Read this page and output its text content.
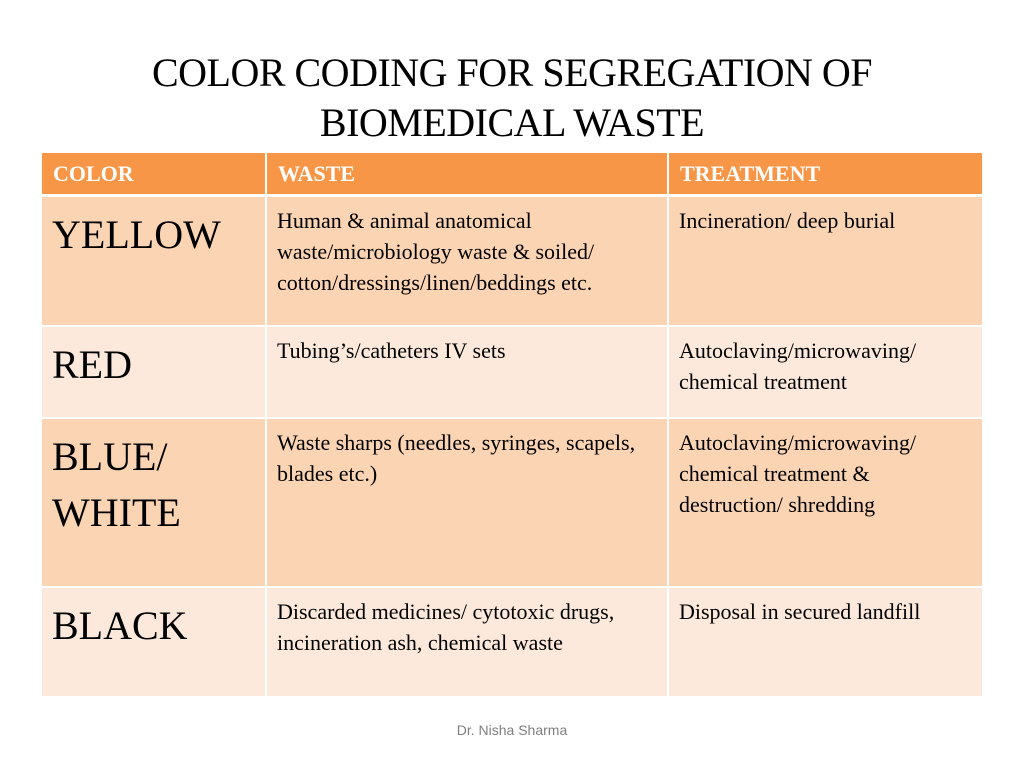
COLOR CODING FOR SEGREGATION OF
BIOMEDICAL WASTE
COLOR	WASTE	TREATMENT
YELLOW	Human & animal anatomical waste/microbiology waste & soiled/ cotton/dressings/linen/beddings etc.	Incineration/ deep burial
RED	Tubing’s/catheters IV sets	Autoclaving/microwaving/ chemical treatment
BLUE/ WHITE	Waste sharps (needles, syringes, scapels, blades etc.)	Autoclaving/microwaving/ chemical treatment & destruction/ shredding
BLACK	Discarded medicines/ cytotoxic drugs, incineration ash, chemical waste	Disposal in secured landfill
Dr. Nisha Sharma
